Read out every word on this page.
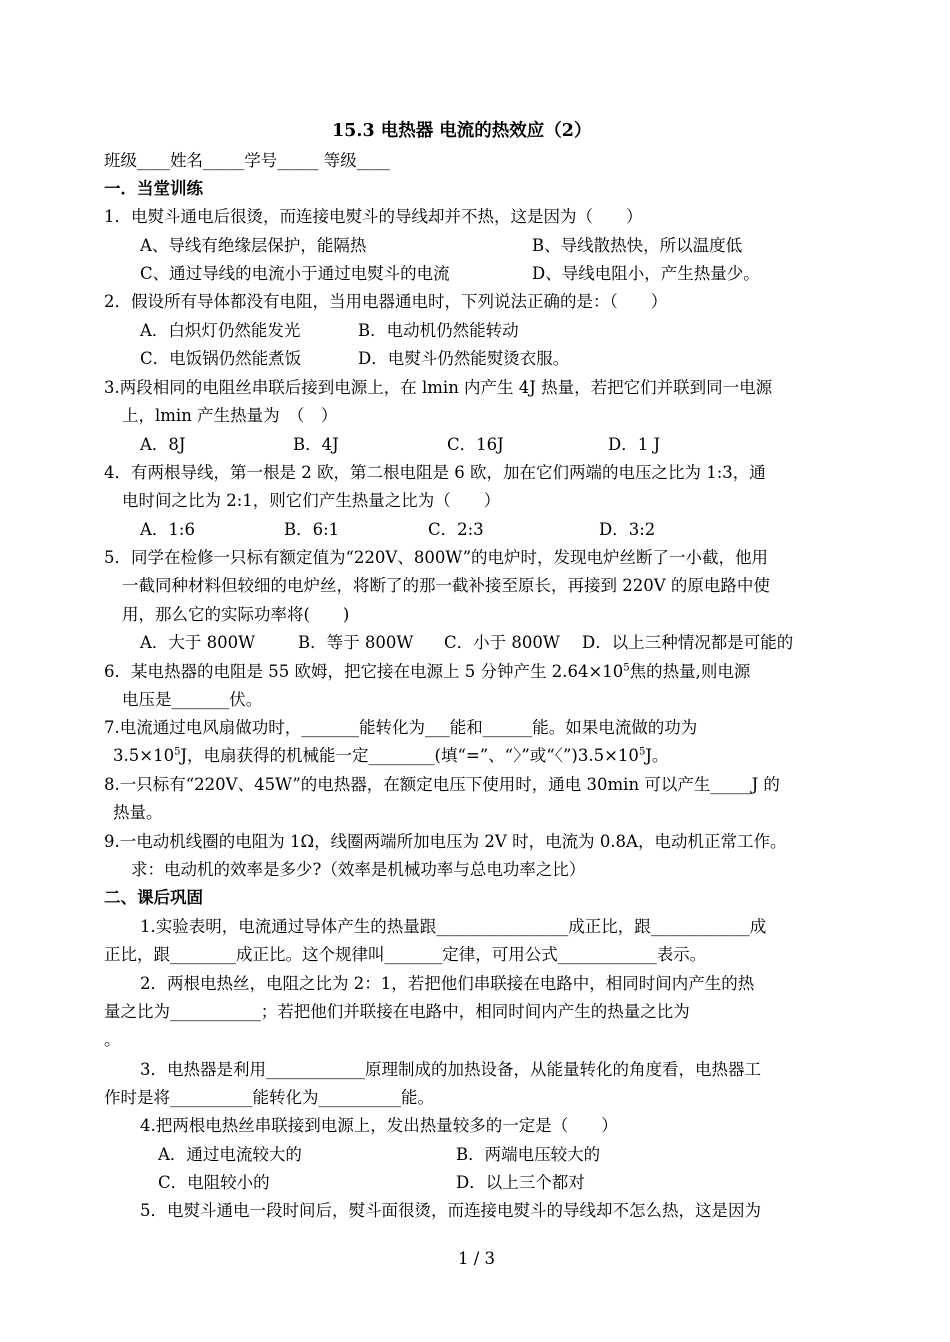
15.3 电热器 电流的热效应（2）
班级____姓名_____学号_____ 等级____
一．当堂训练
1．电熨斗通电后很烫，而连接电熨斗的导线却并不热，这是因为（　　）
A、导线有绝缘层保护，能隔热	B、导线散热快，所以温度低
C、通过导线的电流小于通过电熨斗的电流	D、导线电阻小，产生热量少。
2．假设所有导体都没有电阻，当用电器通电时，下列说法正确的是：（　　）
A．白炽灯仍然能发光	B．电动机仍然能转动
C．电饭锅仍然能煮饭	D．电熨斗仍然能熨烫衣服。
3.两段相同的电阻丝串联后接到电源上，在 lmin 内产生 4J 热量，若把它们并联到同一电源
上，lmin 产生热量为　（　）
A．8J	B．4J	C．16J	D．1 J
4．有两根导线，第一根是 2 欧，第二根电阻是 6 欧，加在它们两端的电压之比为 1:3，通
电时间之比为 2:1，则它们产生热量之比为（　　）
A．1:6	B．6:1	C．2:3	D．3:2
5．同学在检修一只标有额定值为“220V、800W”的电炉时，发现电炉丝断了一小截，他用
一截同种材料但较细的电炉丝，将断了的那一截补接至原长，再接到 220V 的原电路中使
用，那么它的实际功率将(　　)
A．大于 800W	B．等于 800W C．小于 800W D．以上三种情况都是可能的
6．某电热器的电阻是 55 欧姆，把它接在电源上 5 分钟产生 $2.64\times 10^5$焦的热量,则电源
电压是_______伏。
7.电流通过电风扇做功时，_______能转化为___能和______能。如果电流做的功为
$3.5\times 10^5J$，电扇获得的机械能一定________(填“=”、“〉”或“〈$”)3.5\times 10^5J$。
8.一只标有“220V、45W”的电热器，在额定电压下使用时，通电 30min 可以产生_____J 的
热量。
9.一电动机线圈的电阻为 1Ω，线圈两端所加电压为 2V 时，电流为 0.8A，电动机正常工作。
求：电动机的效率是多少?（效率是机械功率与总电功率之比）
二、课后巩固
1.实验表明，电流通过导体产生的热量跟________________成正比，跟____________成
正比，跟________成正比。这个规律叫_______定律，可用公式____________表示。
2．两根电热丝，电阻之比为 2：1，若把他们串联接在电路中，相同时间内产生的热
量之比为___________；若把他们并联接在电路中，相同时间内产生的热量之比为
。
3．电热器是利用____________原理制成的加热设备，从能量转化的角度看，电热器工
作时是将__________能转化为__________能。
4.把两根电热丝串联接到电源上，发出热量较多的一定是（　　）
A．通过电流较大的	B．两端电压较大的
C．电阻较小的	D．以上三个都对
5．电熨斗通电一段时间后，熨斗面很烫，而连接电熨斗的导线却不怎么热，这是因为
1 / 3
